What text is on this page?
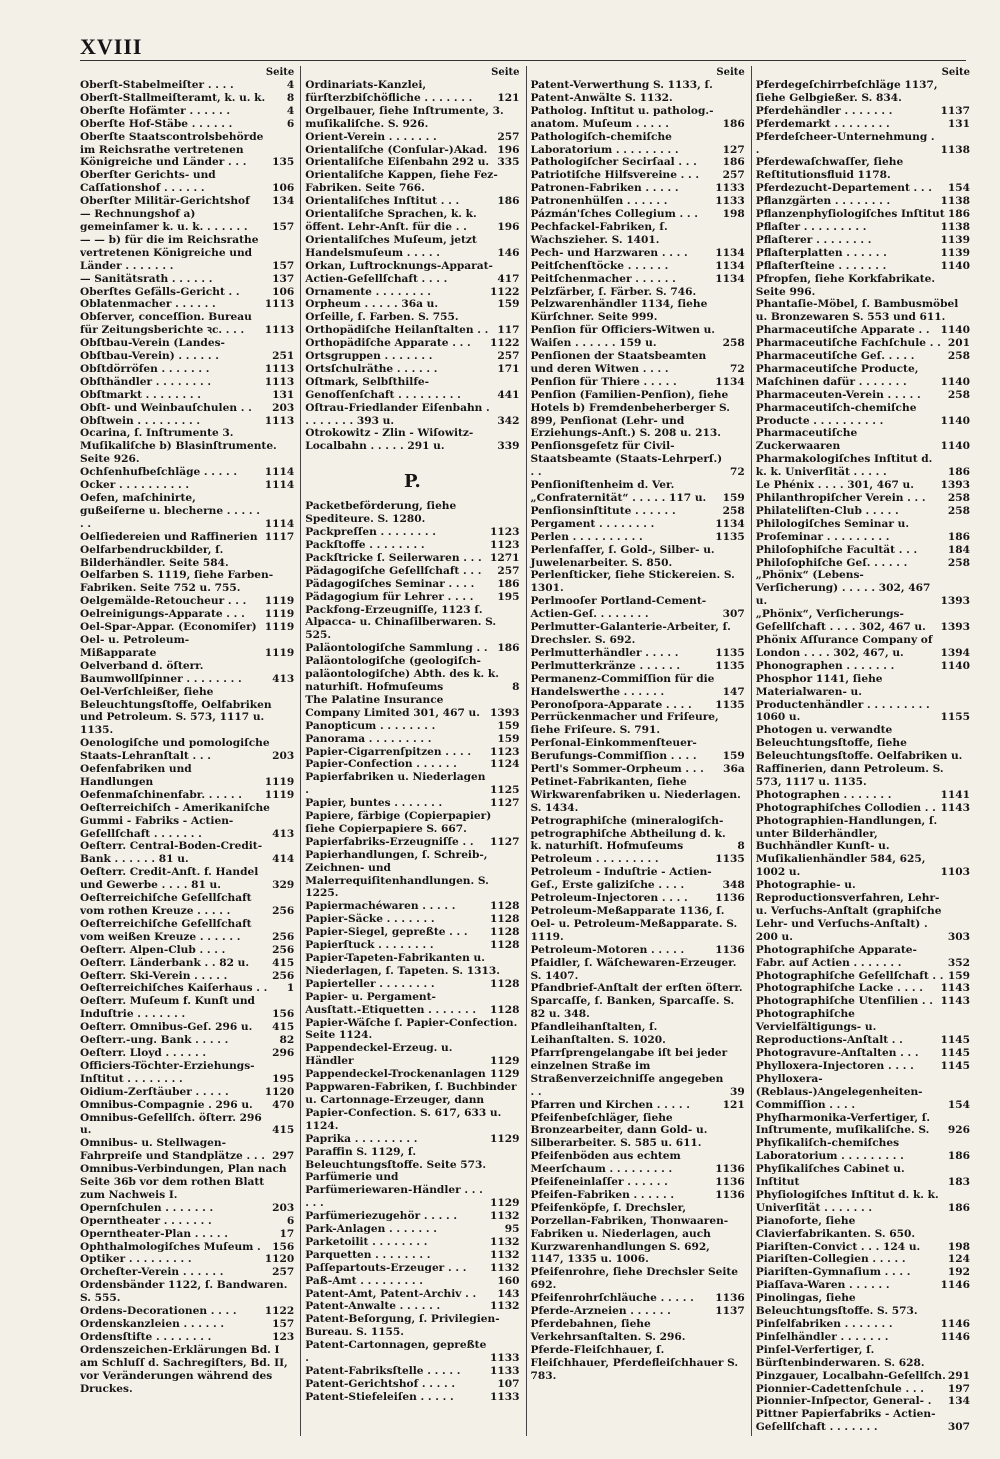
XVIII
Seite
Oberſt-Stabelmeiſter . . . .	4
Oberſt-Stallmeiſteramt, k. u. k.	8
Oberſte Hofämter . . . . . .	4
Oberſte Hof-Stäbe . . . . . .	6
Oberſte Staatscontrolsbehörde im Reichsrathe vertretenen Königreiche und Länder . . .	135
Oberſter Gerichts- und Caſſationshof . . . . . .	106
Oberſter Militär-Gerichtshof	134
— Rechnungshof a) gemeinſamer k. u. k. . . . . . .	157
— — b) für die im Reichsrathe vertretenen Königreiche und Länder . . . . . . .	157
— Sanitätsrath . . . . . .	137
Oberſtes Gefälls-Gericht . .	106
Oblatenmacher . . . . . .	1113
Obſerver, conceſſion. Bureau für Zeitungsberichte ꝛc. . . .	1113
Obſtbau-Verein (Landes-Obſtbau-Verein) . . . . . .	251
Obſtdörröfen . . . . . . .	1113
Obſthändler . . . . . . . .	1113
Obſtmarkt . . . . . . . .	131
Obſt- und Weinbauſchulen . .	203
Obſtwein . . . . . . . . .	1113
Ocarina, ſ. Inſtrumente 3. Muſikaliſche b) Blasinſtrumente. Seite 926.
Ochſenhufbeſchläge . . . . .	1114
Ocker . . . . . . . . . .	1114
Oefen, maſchinirte, gußeiſerne u. blecherne . . . . . . .	1114
Oelſiedereien und Raffinerien 1117
Oelfarbendruckbilder, ſ. Bilderhändler. Seite 584.
Oelfarben S. 1119, ſiehe Farben-Fabriken. Seite 752 u. 755.
Oelgemälde-Retoucheur . . .	1119
Oelreinigungs-Apparate . . .	1119
Oel-Spar-Appar. (Economiſer) 1119
Oel- u. Petroleum-Mißapparate	1119
Oelverband d. öſterr. Baumwollſpinner . . . . . . . .	413
Oel-Verſchleißer, ſiehe Beleuchtungsſtoffe, Oelfabriken und Petroleum. S. 573, 1117 u. 1135.
Oenologiſche und pomologiſche Staats-Lehranſtalt . . .	203
Oefenfabriken und Handlungen	1119
Oefenmaſchinenfabr. . . . . .	1119
Oeſterreichiſch - Amerikaniſche Gummi - Fabriks - Actien-Geſellſchaft . . . . . . .	413
Oeſterr. Central-Boden-Credit-Bank . . . . . . 81 u.	414
Oeſterr. Credit-Anſt. f. Handel und Gewerbe . . . . 81 u.	329
Oeſterreichiſche Geſellſchaft vom rothen Kreuze . . . . .	256
Oeſterreichiſche Geſellſchaft vom weißen Kreuze . . . . . .	256
Oeſterr. Alpen-Club . . . .	256
Oeſterr. Länderbank . . 82 u.	415
Oeſterr. Ski-Verein . . . . .	256
Oeſterreichiſches Kaiſerhaus . .	1
Oeſterr. Muſeum f. Kunſt und Induſtrie . . . . . . .	156
Oeſterr. Omnibus-Geſ. 296 u.	415
Oeſterr.-ung. Bank . . . . .	82
Oeſterr. Lloyd . . . . . .	296
Officiers-Töchter-Erziehungs-Inſtitut . . . . . . . .	195
Oidium-Zerſtäuber . . . . .	1120
Omnibus-Compagnie . 296 u.	470
Omnibus-Geſellſch. öſterr. 296 u.	415
Omnibus- u. Stellwagen-Fahrpreiſe und Standplätze . . . 297
Omnibus-Verbindungen, Plan nach Seite 36b vor dem rothen Blatt zum Nachweis I.
Opernſchulen . . . . . . .	203
Operntheater . . . . . . .	6
Operntheater-Plan . . . . .	17
Ophthalmologiſches Muſeum .	156
Optiker . . . . . . . . .	1120
Orcheſter-Verein . . . . . .	257
Ordensbänder 1122, ſ. Bandwaren. S. 555.
Ordens-Decorationen . . . .	1122
Ordenskanzleien . . . . . .	157
Ordensſtifte . . . . . . . .	123
Ordenszeichen-Erklärungen Bd. I am Schluſſ d. Sachregiſters, Bd. II, vor Veränderungen während des Druckes.
Seite
Ordinariats-Kanzlei, fürſterzbiſchöfliche . . . . . . .	121
Orgelbauer, ſiehe Inſtrumente, 3. muſikaliſche. S. 926.
Orient-Verein . . . . . . .	257
Orientaliſche (Conſular-)Akad. 196
Orientaliſche Eiſenbahn 292 u. 335
Orientaliſche Kappen, ſiehe Fez-Fabriken. Seite 766.
Orientaliſches Inſtitut . . .	186
Orientaliſche Sprachen, k. k. öffent. Lehr-Anſt. für die . .	196
Orientaliſches Muſeum, jetzt Handelsmuſeum . . . . .	146
Orkan, Luftrocknungs-Apparat-Actien-Geſellſchaft . . . .	417
Ornamente . . . . . . . .	1122
Orpheum . . . . . 36a u.	159
Orſeille, ſ. Farben. S. 755.
Orthopädiſche Heilanſtalten . . 117
Orthopädiſche Apparate . . .	1122
Ortsgruppen . . . . . . .	257
Ortsſchulräthe . . . . . .	171
Oſtmark, Selbſthilfe-Genoſſenſchaft . . . . . . . . .	441
Oſtrau-Friedlander Eiſenbahn . . . . . . . . 393 u.	342
Otrokowitz - Zlin - Wiſowitz-Localbahn . . . . . 291 u.	339
P.
Packetbeförderung, ſiehe Spediteure. S. 1280.
Packpreſſen . . . . . . . .	1123
Packſtoffe . . . . . . . .	1123
Packſtricke ſ. Seilerwaren . . . 1271
Pädagogiſche Geſellſchaft . . .	257
Pädagogiſches Seminar . . . .	186
Pädagogium für Lehrer . . . .	195
Packfong-Erzeugniſſe, 1123 ſ. Alpacca- u. Chinaſilberwaren. S. 525.
Paläontologiſche Sammlung . . 186
Paläontologiſche (geologiſch-paläontologiſche) Abth. des k. k. naturhiſt. Hofmuſeums	8
The Palatine Insurance Company Limited 301, 467 u. 1393
Panopticum . . . . . . . .	159
Panorama . . . . . . . . .	159
Papier-Cigarrenſpitzen . . . .	1123
Papier-Confection . . . . . .	1124
Papierfabriken u. Niederlagen .	1125
Papier, buntes . . . . . . .	1127
Papiere, färbige (Copierpapier) ſiehe Copierpapiere S. 667.
Papierfabriks-Erzeugniſſe . .	1127
Papierhandlungen, ſ. Schreib-, Zeichnen- und Malerrequiſitenhandlungen. S. 1225.
Papiermachéwaren . . . . .	1128
Papier-Säcke . . . . . . .	1128
Papier-Siegel, gepreßte . . .	1128
Papierſtuck . . . . . . . .	1128
Papier-Tapeten-Fabrikanten u. Niederlagen, ſ. Tapeten. S. 1313.
Papierteller . . . . . . . .	1128
Papier- u. Pergament-Ausſtatt.-Etiquetten . . . . . . .	1128
Papier-Wäſche ſ. Papier-Confection. Seite 1124.
Pappendeckel-Erzeug. u. Händler	1129
Pappendeckel-Trockenanlagen 1129
Pappwaren-Fabriken, ſ. Buchbinder u. Cartonnage-Erzeuger, dann Papier-Confection. S. 617, 633 u. 1124.
Paprika . . . . . . . . .	1129
Paraffin S. 1129, ſ. Beleuchtungsſtoffe. Seite 573.
Parfümerie und Parfümeriewaren-Händler . . . . . .	1129
Parfümeriezugehör . . . . .	1132
Park-Anlagen . . . . . . .	95
Parketoilit . . . . . . . .	1132
Parquetten . . . . . . . .	1132
Paſſepartouts-Erzeuger . . .	1132
Paß-Amt . . . . . . . . .	160
Patent-Amt, Patent-Archiv . .	143
Patent-Anwalte . . . . . .	1132
Patent-Beſorgung, ſ. Privilegien-Bureau. S. 1155.
Patent-Cartonnagen, gepreßte .	1133
Patent-Fabriksſtelle . . . . .	1133
Patent-Gerichtshof . . . . .	107
Patent-Stiefeleiſen . . . . .	1133
Seite
Patent-Verwerthung S. 1133, ſ. Patent-Anwälte S. 1132.
Patholog. Inſtitut u. patholog.-anatom. Muſeum . . . . .	186
Pathologiſch-chemiſche Laboratorium . . . . . . . . .	127
Pathologiſcher Secirſaal . . .	186
Patriotiſche Hilfsvereine . . .	257
Patronen-Fabriken . . . . .	1133
Patronenhülſen . . . . . .	1133
Pázmán'ſches Collegium . . .	198
Pechfackel-Fabriken, ſ. Wachszieher. S. 1401.
Pech- und Harzwaren . . . .	1134
Peitſchenſtöcke . . . . . .	1134
Peitſchenmacher . . . . . .	1134
Pelzfärber, ſ. Färber. S. 746.
Pelzwarenhändler 1134, ſiehe Kürſchner. Seite 999.
Penſion für Officiers-Witwen u. Waiſen . . . . . . 159 u.	258
Penſionen der Staatsbeamten und deren Witwen . . . .	72
Penſion für Thiere . . . . .	1134
Penſion (Familien-Penſion), ſiehe Hotels b) Fremdenbeherberger S. 899, Penſionat (Lehr- und Erziehungs-Anſt.) S. 208 u. 213.
Penſionsgeſetz für Civil-Staatsbeamte (Staats-Lehrperſ.) . .	72
Penſioniſtenheim d. Ver. „Confraternität“ . . . . . 117 u.	159
Penſionsinſtitute . . . . . .	258
Pergament . . . . . . . .	1134
Perlen . . . . . . . . . .	1135
Perlenfaſſer, ſ. Gold-, Silber- u. Juwelenarbeiter. S. 850.
Perlenſticker, ſiehe Stickereien. S. 1301.
Perlmooſer Portland-Cement-Actien-Geſ. . . . . . . .	307
Perlmutter-Galanterie-Arbeiter, ſ. Drechsler. S. 692.
Perlmutterhändler . . . . .	1135
Perlmutterkränze . . . . . .	1135
Permanenz-Commiſſion für die Handelswerthe . . . . . .	147
Peronoſpora-Apparate . . . .	1135
Perrückenmacher und Friſeure, ſiehe Friſeure. S. 791.
Perſonal-Einkommenſteuer-Berufungs-Commiſſion . . . .	159
Pertl's Sommer-Orpheum . . .	36a
Petinet-Fabrikanten, ſiehe Wirkwarenfabriken u. Niederlagen. S. 1434.
Petrographiſche (mineralogiſch-petrographiſche Abtheilung d. k. k. naturhiſt. Hofmuſeums	8
Petroleum . . . . . . . . .	1135
Petroleum - Induſtrie - Actien-Geſ., Erste galiziſche . . . .	348
Petroleum-Injectoren . . . .	1136
Petroleum-Meßapparate 1136, ſ. Oel- u. Petroleum-Meßapparate. S. 1119.
Petroleum-Motoren . . . . .	1136
Pfaidler, ſ. Wäſchewaren-Erzeuger. S. 1407.
Pfandbrief-Anſtalt der erſten öſterr. Sparcaſſe, ſ. Banken, Sparcaſſe. S. 82 u. 348.
Pfandleihanſtalten, ſ. Leihanſtalten. S. 1020.
Pfarrſprengelangabe iſt bei jeder einzelnen Straße im Straßenverzeichniſſe angegeben . .	39
Pfarren und Kirchen . . . . .	121
Pfeifenbeſchläger, ſiehe Bronzearbeiter, dann Gold- u. Silberarbeiter. S. 585 u. 611.
Pfeifenböden aus echtem Meerſchaum . . . . . . . . .	1136
Pfeifeneinlaſſer . . . . . .	1136
Pfeifen-Fabriken . . . . . .	1136
Pfeifenköpfe, ſ. Drechsler, Porzellan-Fabriken, Thonwaaren-Fabriken u. Niederlagen, auch Kurzwarenhandlungen S. 692, 1147, 1335 u. 1006.
Pfeifenrohre, ſiehe Drechsler Seite 692.
Pfeifenrohrſchläuche . . . . .	1136
Pferde-Arzneien . . . . . .	1137
Pferdebahnen, ſiehe Verkehrsanſtalten. S. 296.
Pferde-Fleiſchhauer, ſ. Fleiſchhauer, Pferdefleiſchhauer S. 783.
Seite
Pferdegeſchirrbeſchläge 1137, ſiehe Gelbgießer. S. 834.
Pferdehändler . . . . . . .	1137
Pferdemarkt . . . . . . . .	131
Pferdeſcheer-Unternehmung . .	1138
Pferdewaſchwaſſer, ſiehe Reſtitutionsfluid 1178.
Pferdezucht-Departement . . .	154
Pflanzgärten . . . . . . . .	1138
Pflanzenphyſiologiſches Inſtitut 186
Pflaſter . . . . . . . . .	1138
Pflaſterer . . . . . . . .	1139
Pflaſterplatten . . . . . .	1139
Pflaſterſteine . . . . . . .	1140
Pfropfen, ſiehe Korkfabrikate. Seite 996.
Phantaſie-Möbel, ſ. Bambusmöbel u. Bronzewaren S. 553 und 611.
Pharmaceutiſche Apparate . .	1140
Pharmaceutiſche Fachſchule . . 201
Pharmaceutiſche Geſ. . . . .	258
Pharmaceutiſche Producte, Maſchinen dafür . . . . . . .	1140
Pharmaceuten-Verein . . . . .	258
Pharmaceutiſch-chemiſche Producte . . . . . . . . . .	1140
Pharmaceutiſche Zuckerwaaren	1140
Pharmakologiſches Inſtitut d. k. k. Univerſität . . . . .	186
Le Phénix . . . . 301, 467 u.	1393
Philanthropiſcher Verein . . .	258
Philateliſten-Club . . . . .	258
Philologiſches Seminar u. Proſeminar . . . . . . . . .	186
Philoſophiſche Facultät . . .	184
Philoſophiſche Geſ. . . . . .	258
„Phönix“ (Lebens-Verſicherung) . . . . . 302, 467 u.	1393
„Phönix“, Verſicherungs-Geſellſchaft . . . . 302, 467 u.	1393
Phönix Aſſurance Company of London . . . . 302, 467, u.	1394
Phonographen . . . . . . .	1140
Phosphor 1141, ſiehe Materialwaren- u. Productenhändler . . . . . . . . . 1060 u.	1155
Photogen u. verwandte Beleuchtungsſtoffe, ſiehe Beleuchtungsſtoffe. Oelfabriken u. Raffinerien, dann Petroleum. S. 573, 1117 u. 1135.
Photographen . . . . . . .	1141
Photographiſches Collodien . . 1143
Photographien-Handlungen, ſ. unter Bilderhändler, Buchhändler Kunſt- u. Muſikalienhändler 584, 625, 1002 u.	1103
Photographie- u. Reproductionsverfahren, Lehr- u. Verſuchs-Anſtalt (graphiſche Lehr- und Verſuchs-Anſtalt) . 200 u.	303
Photographiſche Apparate-Fabr. auf Actien . . . . . . .	352
Photographiſche Geſellſchaft . . 159
Photographiſche Lacke . . . .	1143
Photographiſche Utenſilien . . 1143
Photographiſche Vervielfältigungs- u. Reproductions-Anſtalt . .	1145
Photogravure-Anſtalten . . .	1145
Phylloxera-Injectoren . . . .	1145
Phylloxera-(Reblaus-)Angelegenheiten-Commiſſion . . . .	154
Phyſharmonika-Verfertiger, ſ. Inſtrumente, muſikaliſche. S.	926
Phyſikaliſch-chemiſches Laboratorium . . . . . . . . .	186
Phyſikaliſches Cabinet u. Inſtitut	183
Phyſiologiſches Inſtitut d. k. k. Univerſität . . . . . . .	186
Pianoforte, ſiehe Clavierfabrikanten. S. 650.
Piariſten-Convict . . . 124 u.	198
Piariſten-Collegien . . . . .	124
Piariſten-Gymnaſium . . . .	192
Piaſſava-Waren . . . . . .	1146
Pinolingas, ſiehe Beleuchtungsſtoffe. S. 573.
Pinſelfabriken . . . . . . .	1146
Pinſelhändler . . . . . . .	1146
Pinſel-Verfertiger, ſ. Bürſtenbinderwaren. S. 628.
Pinzgauer, Localbahn-Geſellſch. 291
Pionnier-Cadettenſchule . . .	197
Pionnier-Inſpector, General- .	134
Pittner Papierfabriks - Actien-Geſellſchaft . . . . . . .	307
